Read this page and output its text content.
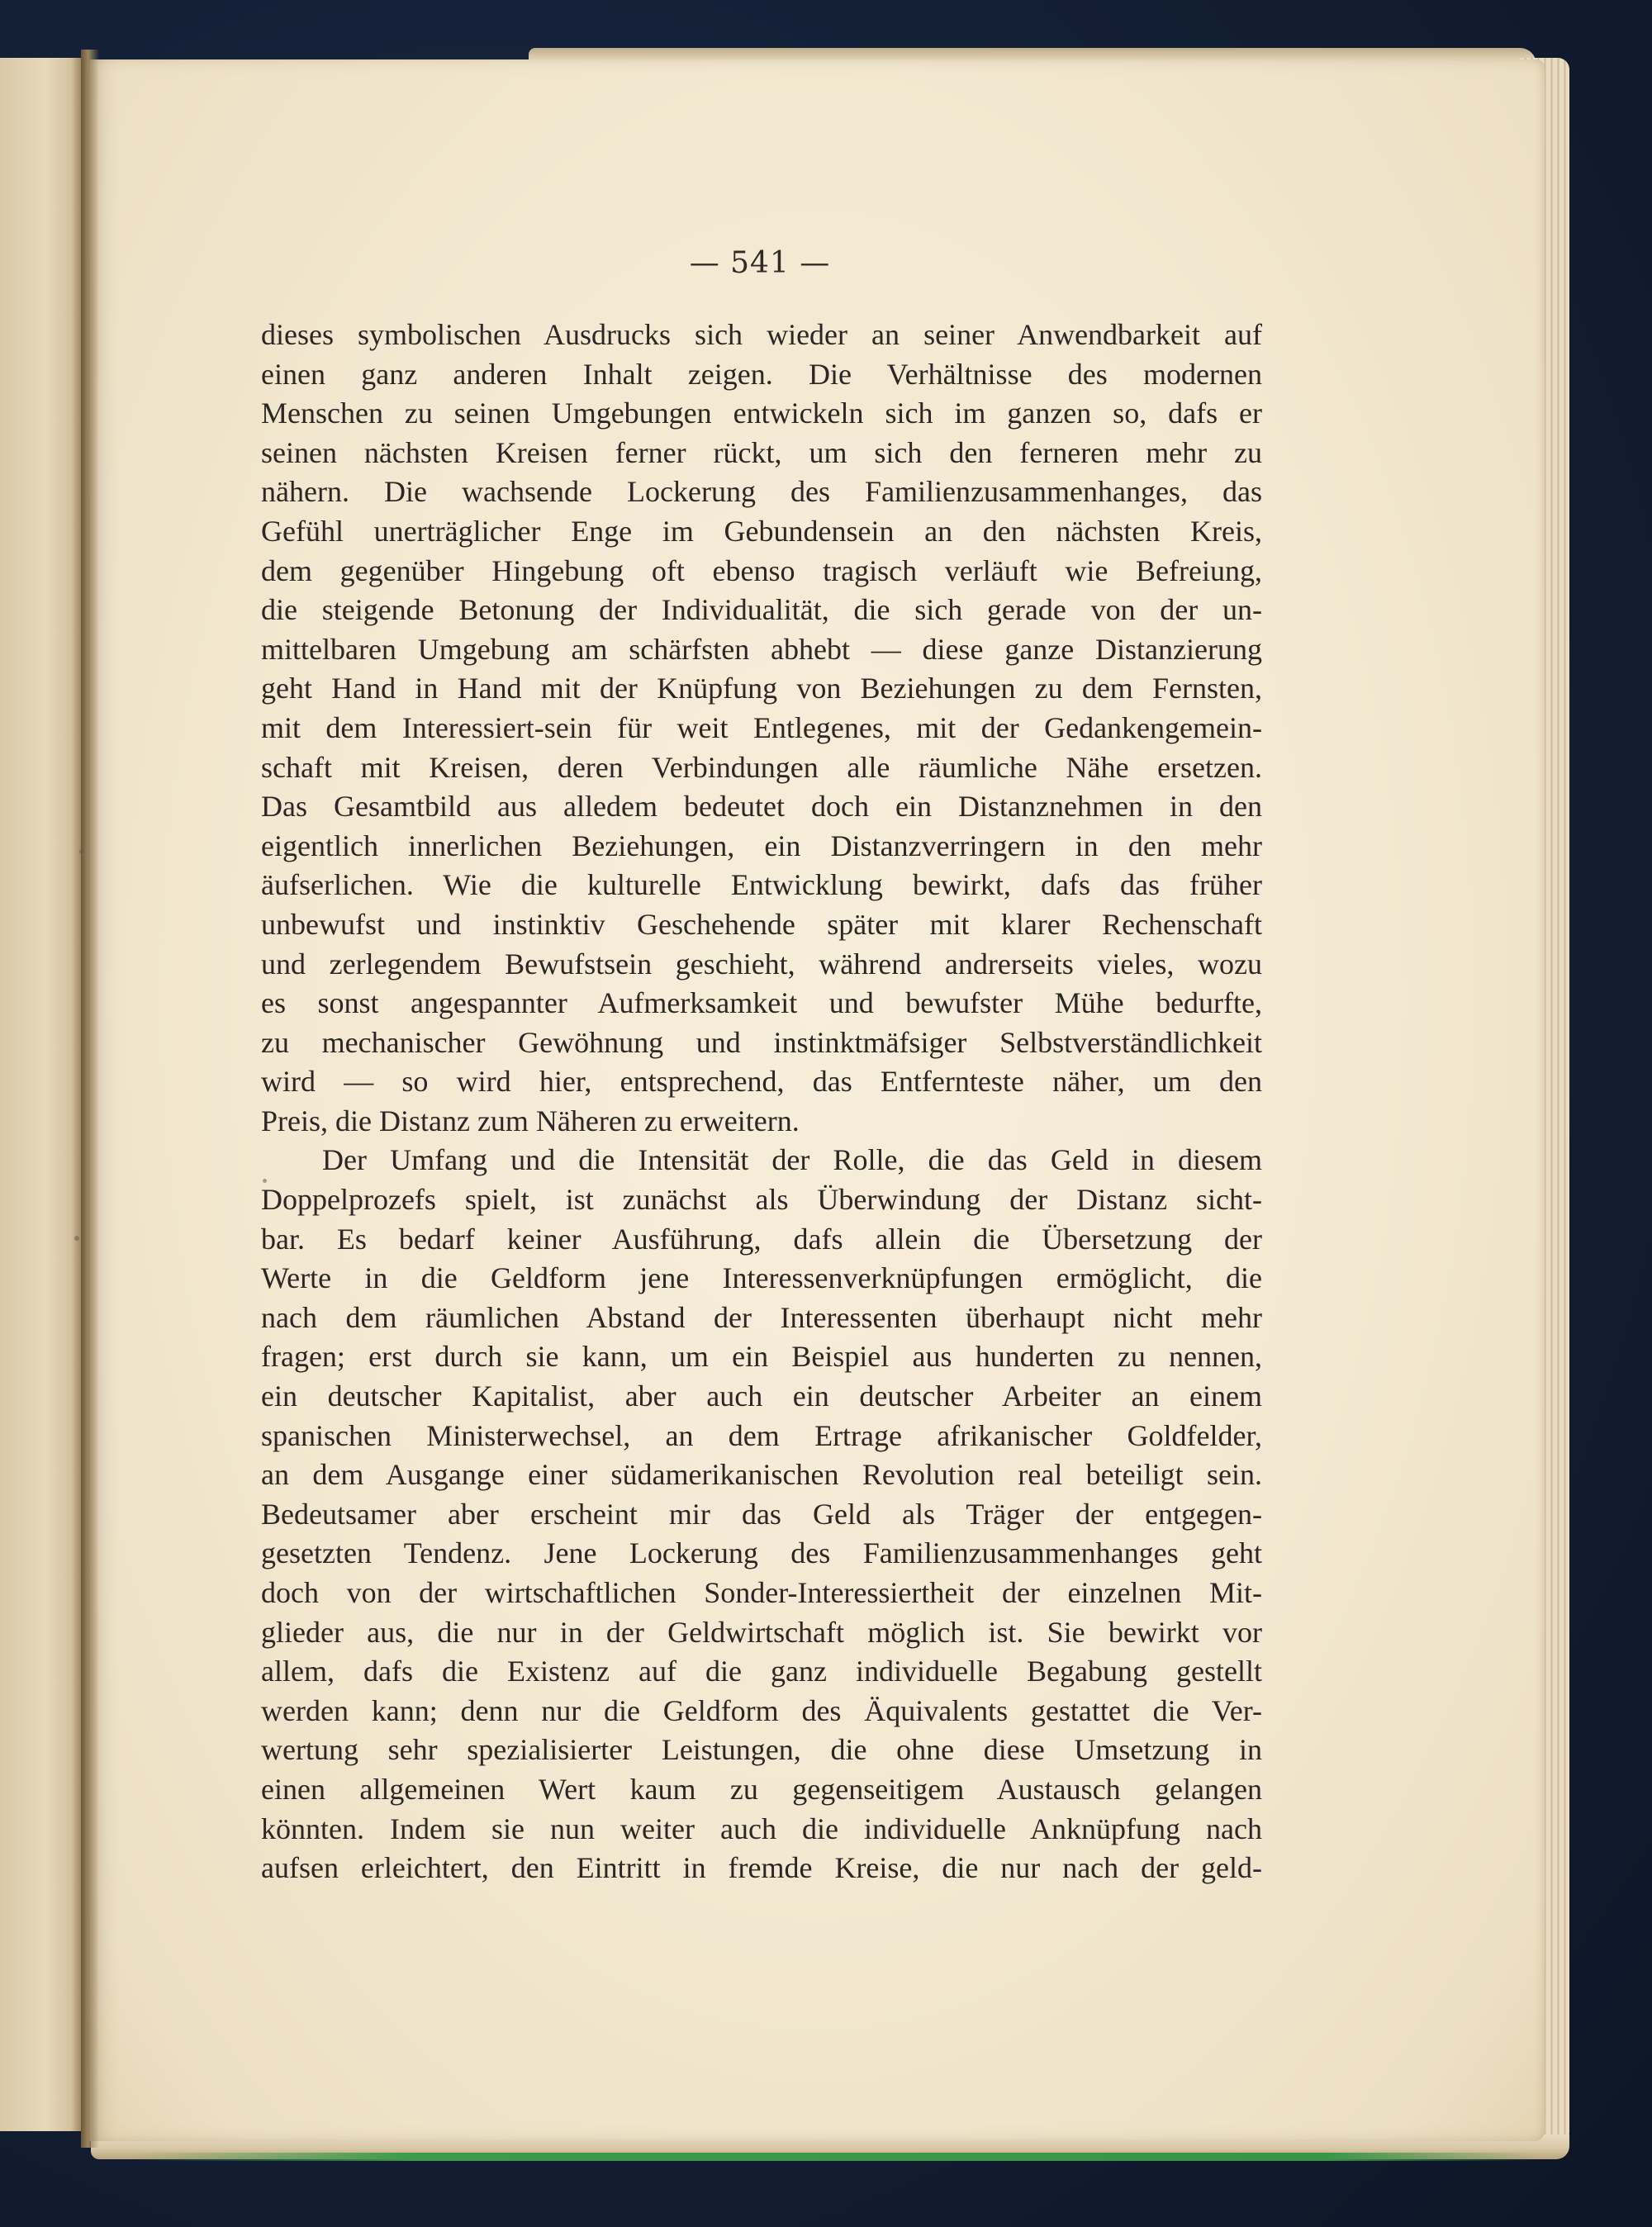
— 541 —
dieses symbolischen Ausdrucks sich wieder an seiner Anwendbarkeit auf
einen ganz anderen Inhalt zeigen. Die Verhältnisse des modernen
Menschen zu seinen Umgebungen entwickeln sich im ganzen so, dafs er
seinen nächsten Kreisen ferner rückt, um sich den ferneren mehr zu
nähern. Die wachsende Lockerung des Familienzusammenhanges, das
Gefühl unerträglicher Enge im Gebundensein an den nächsten Kreis,
dem gegenüber Hingebung oft ebenso tragisch verläuft wie Befreiung,
die steigende Betonung der Individualität, die sich gerade von der un-
mittelbaren Umgebung am schärfsten abhebt — diese ganze Distanzierung
geht Hand in Hand mit der Knüpfung von Beziehungen zu dem Fernsten,
mit dem Interessiert-sein für weit Entlegenes, mit der Gedankengemein-
schaft mit Kreisen, deren Verbindungen alle räumliche Nähe ersetzen.
Das Gesamtbild aus alledem bedeutet doch ein Distanznehmen in den
eigentlich innerlichen Beziehungen, ein Distanzverringern in den mehr
äufserlichen. Wie die kulturelle Entwicklung bewirkt, dafs das früher
unbewufst und instinktiv Geschehende später mit klarer Rechenschaft
und zerlegendem Bewufstsein geschieht, während andrerseits vieles, wozu
es sonst angespannter Aufmerksamkeit und bewufster Mühe bedurfte,
zu mechanischer Gewöhnung und instinktmäfsiger Selbstverständlichkeit
wird — so wird hier, entsprechend, das Entfernteste näher, um den
Preis, die Distanz zum Näheren zu erweitern.
Der Umfang und die Intensität der Rolle, die das Geld in diesem
Doppelprozefs spielt, ist zunächst als Überwindung der Distanz sicht-
bar. Es bedarf keiner Ausführung, dafs allein die Übersetzung der
Werte in die Geldform jene Interessenverknüpfungen ermöglicht, die
nach dem räumlichen Abstand der Interessenten überhaupt nicht mehr
fragen; erst durch sie kann, um ein Beispiel aus hunderten zu nennen,
ein deutscher Kapitalist, aber auch ein deutscher Arbeiter an einem
spanischen Ministerwechsel, an dem Ertrage afrikanischer Goldfelder,
an dem Ausgange einer südamerikanischen Revolution real beteiligt sein.
Bedeutsamer aber erscheint mir das Geld als Träger der entgegen-
gesetzten Tendenz. Jene Lockerung des Familienzusammenhanges geht
doch von der wirtschaftlichen Sonder-Interessiertheit der einzelnen Mit-
glieder aus, die nur in der Geldwirtschaft möglich ist. Sie bewirkt vor
allem, dafs die Existenz auf die ganz individuelle Begabung gestellt
werden kann; denn nur die Geldform des Äquivalents gestattet die Ver-
wertung sehr spezialisierter Leistungen, die ohne diese Umsetzung in
einen allgemeinen Wert kaum zu gegenseitigem Austausch gelangen
könnten. Indem sie nun weiter auch die individuelle Anknüpfung nach
aufsen erleichtert, den Eintritt in fremde Kreise, die nur nach der geld-
